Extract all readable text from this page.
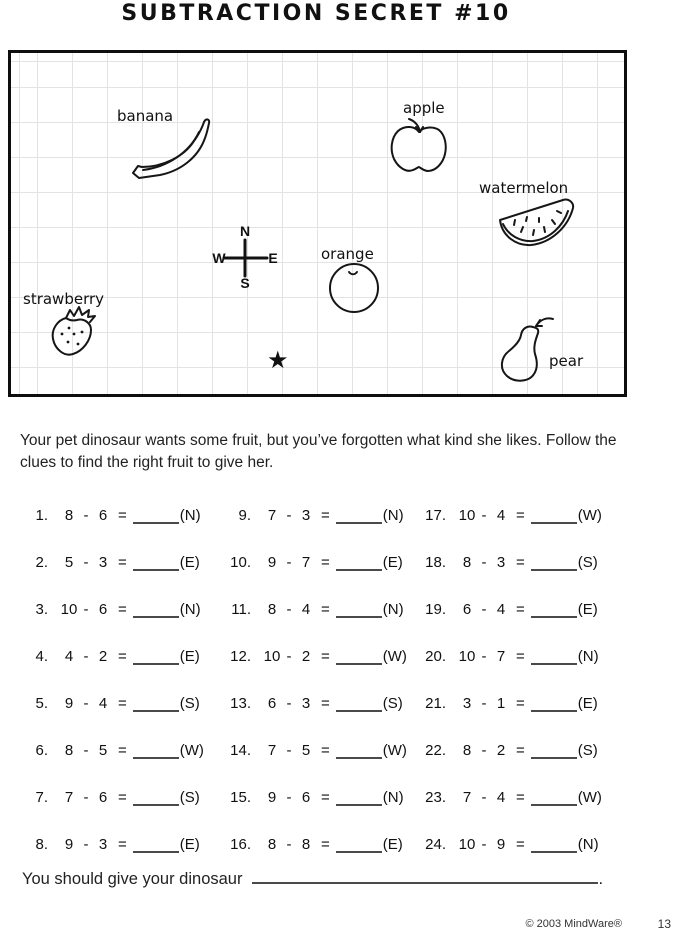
SUBTRACTION SECRET #10
banana	apple
watermelon
orange
strawberry
pear
N
S
W	E
★
Your pet dinosaur wants some fruit, but you’ve forgotten what kind she likes. Follow the clues to find the right fruit to give her.
1.	8 - 6 =	(N)
2.	5 - 3 =	(E)
3. 10 - 6 =	(N)
4.	4 - 2 =	(E)
5.	9 - 4 =	(S)
6.	8 - 5 =	(W)
7.	7 - 6 =	(S)
8.	9 - 3 =	(E)
9.	7 - 3 =	(N)
10.	9 - 7 =	(E)
11.	8 - 4 =	(N)
12. 10 - 2 =	(W)
13.	6 - 3 =	(S)
14.	7 - 5 =	(W)
15.	9 - 6 =	(N)
16.	8 - 8 =	(E)
17. 10 - 4 =	(W)
18.	8 - 3 =	(S)
19.	6 - 4 =	(E)
20. 10 - 7 =	(N)
21.	3 - 1 =	(E)
22.	8 - 2 =	(S)
23.	7 - 4 =	(W)
24. 10 - 9 =	(N)
You should give your dinosaur	.
© 2003 MindWare®	13
